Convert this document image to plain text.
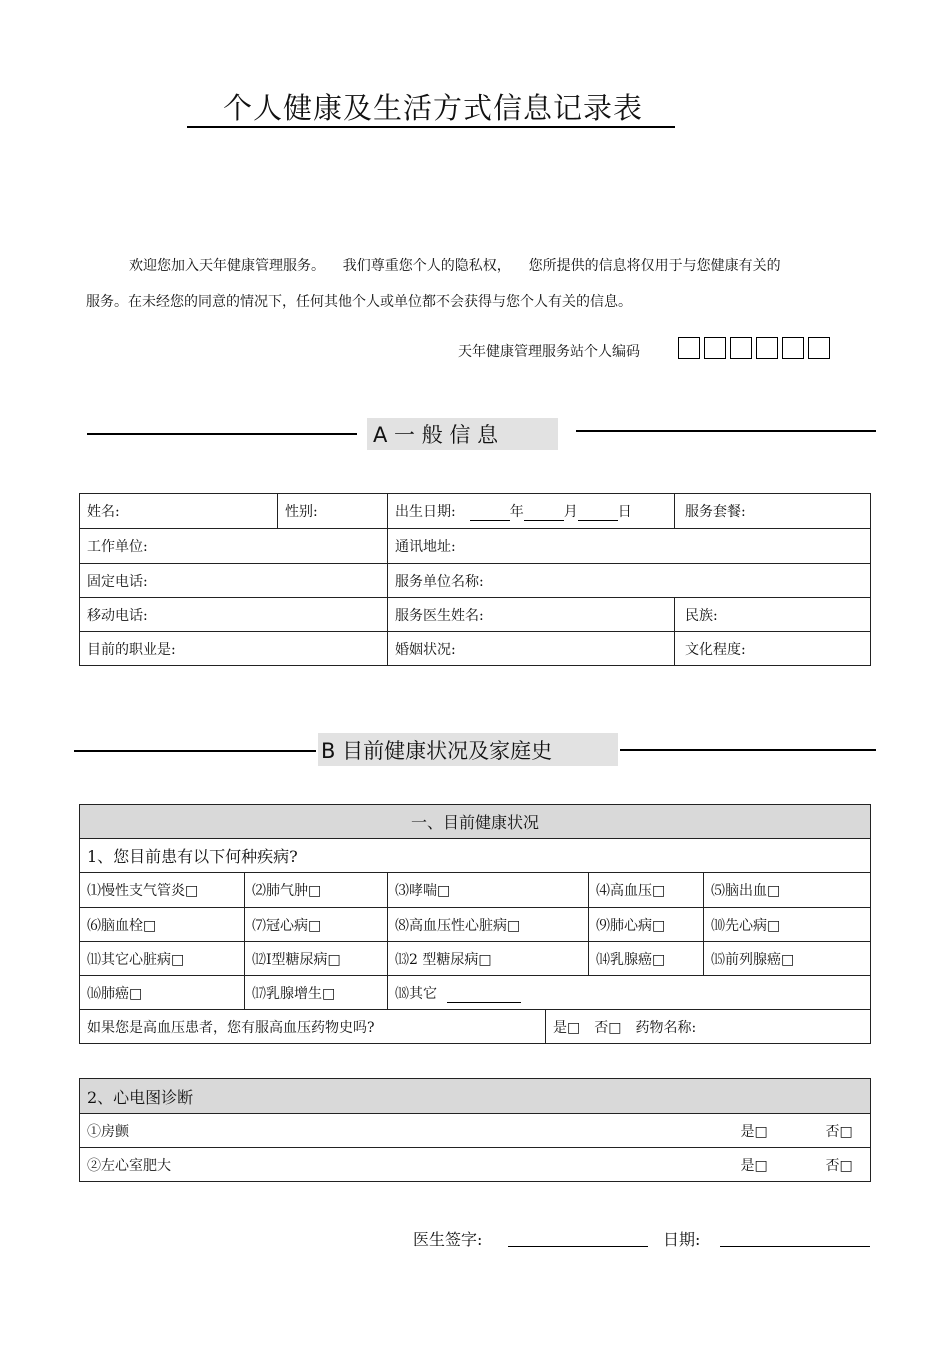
个人健康及生活方式信息记录表
欢迎您加入天年健康管理服务。    我们尊重您个人的隐私权，    您所提供的信息将仅用于与您健康有关的
服务。在未经您的同意的情况下，任何其他个人或单位都不会获得与您个人有关的信息。
天年健康管理服务站个人编码
A 一 般 信 息
姓名:	性别:	出生日期: 年 月 日	服务套餐:
工作单位:		通讯地址:	
固定电话:		服务单位名称:	
移动电话:		服务医生姓名:	民族:
目前的职业是:		婚姻状况:	文化程度:
B 目前健康状况及家庭史
一、目前健康状况					
1、您目前患有以下何种疾病?					
⑴慢性支气管炎□	⑵肺气肿□	⑶哮喘□		⑷高血压□	⑸脑出血□
⑹脑血栓□	⑺冠心病□	⑻高血压性心脏病□		⑼肺心病□	⑽先心病□
⑾其它心脏病□	⑿Ⅰ型糖尿病□	⒀2 型糖尿病□		⒁乳腺癌□	⒂前列腺癌□
⒃肺癌□	⒄乳腺增生□	⒅其它			
如果您是高血压患者，您有服高血压药物史吗?			是□ 否□ 药物名称:		
2、心电图诊断		
①房颤	是□	否□
②左心室肥大	是□	否□
医生签字:	日期:
